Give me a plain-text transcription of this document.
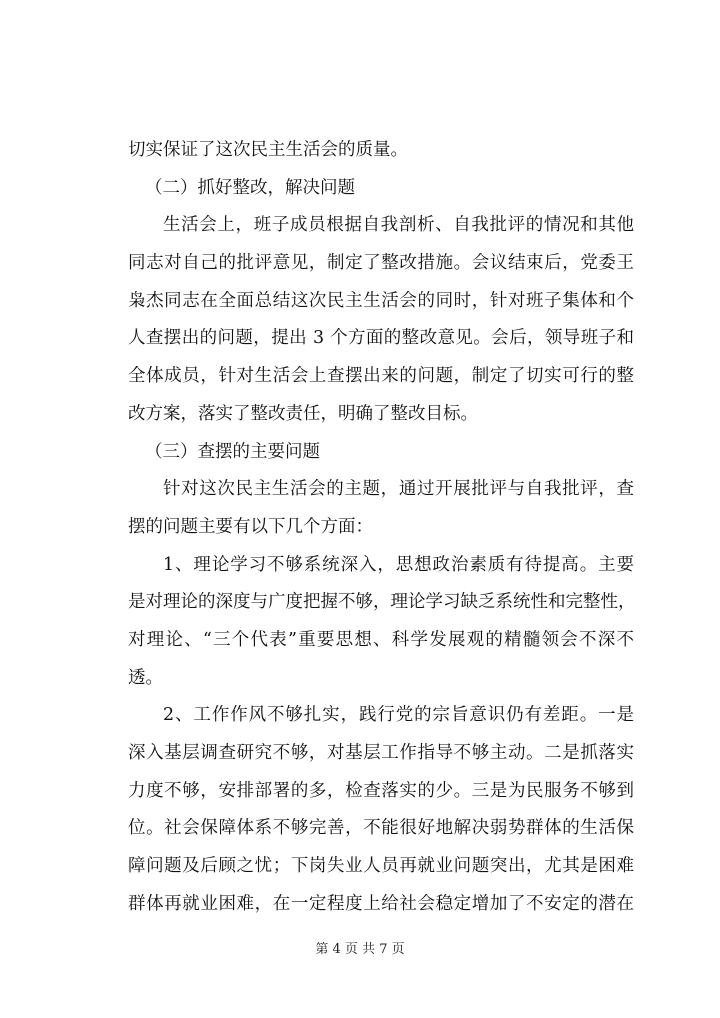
切实保证了这次民主生活会的质量。
（二）抓好整改，解决问题
生活会上，班子成员根据自我剖析、自我批评的情况和其他
同志对自己的批评意见，制定了整改措施。会议结束后，党委王
枭杰同志在全面总结这次民主生活会的同时，针对班子集体和个
人查摆出的问题，提出 3 个方面的整改意见。会后，领导班子和
全体成员，针对生活会上查摆出来的问题，制定了切实可行的整
改方案，落实了整改责任，明确了整改目标。
（三）查摆的主要问题
针对这次民主生活会的主题，通过开展批评与自我批评，查
摆的问题主要有以下几个方面：
1、理论学习不够系统深入，思想政治素质有待提高。主要
是对理论的深度与广度把握不够，理论学习缺乏系统性和完整性，
对理论、“三个代表”重要思想、科学发展观的精髓领会不深不
透。
2、工作作风不够扎实，践行党的宗旨意识仍有差距。一是
深入基层调查研究不够，对基层工作指导不够主动。二是抓落实
力度不够，安排部署的多，检查落实的少。三是为民服务不够到
位。社会保障体系不够完善，不能很好地解决弱势群体的生活保
障问题及后顾之忧；下岗失业人员再就业问题突出，尤其是困难
群体再就业困难，在一定程度上给社会稳定增加了不安定的潜在
第 4 页 共 7 页
